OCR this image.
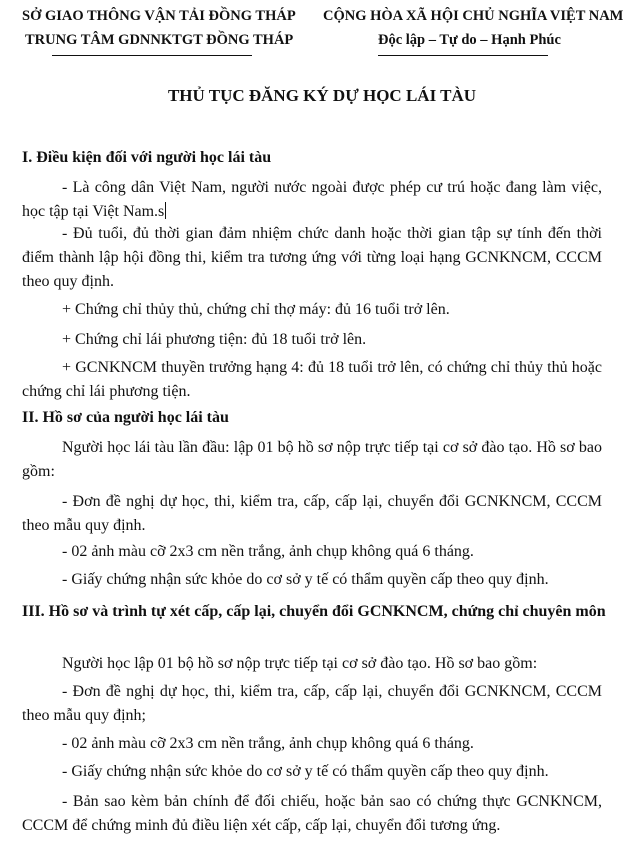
SỞ GIAO THÔNG VẬN TẢI ĐỒNG THÁP
TRUNG TÂM GDNNKTGT ĐỒNG THÁP
CỘNG HÒA XÃ HỘI CHỦ NGHĨA VIỆT NAM
Độc lập – Tự do – Hạnh Phúc
THỦ TỤC ĐĂNG KÝ DỰ HỌC LÁI TÀU
I. Điều kiện đối với người học lái tàu
- Là công dân Việt Nam, người nước ngoài được phép cư trú hoặc đang làm việc, học tập tại Việt Nam.s
- Đủ tuổi, đủ thời gian đảm nhiệm chức danh hoặc thời gian tập sự tính đến thời điểm thành lập hội đồng thi, kiểm tra tương ứng với từng loại hạng GCNKNCM, CCCM theo quy định.
+ Chứng chỉ thủy thủ, chứng chỉ thợ máy: đủ 16 tuổi trở lên.
+ Chứng chỉ lái phương tiện: đủ 18 tuổi trở lên.
+ GCNKNCM thuyền trưởng hạng 4: đủ 18 tuổi trở lên, có chứng chỉ thủy thủ hoặc chứng chỉ lái phương tiện.
II. Hồ sơ của người học lái tàu
Người học lái tàu lần đầu: lập 01 bộ hồ sơ nộp trực tiếp tại cơ sở đào tạo. Hồ sơ bao gồm:
- Đơn đề nghị dự học, thi, kiểm tra, cấp, cấp lại, chuyển đổi GCNKNCM, CCCM theo mẫu quy định.
- 02 ảnh màu cỡ 2x3 cm nền trắng, ảnh chụp không quá 6 tháng.
- Giấy chứng nhận sức khỏe do cơ sở y tế có thẩm quyền cấp theo quy định.
III. Hồ sơ và trình tự xét cấp, cấp lại, chuyển đổi GCNKNCM, chứng chỉ chuyên môn
Người học lập 01 bộ hồ sơ nộp trực tiếp tại cơ sở đào tạo. Hồ sơ bao gồm:
- Đơn đề nghị dự học, thi, kiểm tra, cấp, cấp lại, chuyển đổi GCNKNCM, CCCM theo mẫu quy định;
- 02 ảnh màu cỡ 2x3 cm nền trắng, ảnh chụp không quá 6 tháng.
- Giấy chứng nhận sức khỏe do cơ sở y tế có thẩm quyền cấp theo quy định.
- Bản sao kèm bản chính để đối chiếu, hoặc bản sao có chứng thực GCNKNCM, CCCM để chứng minh đủ điều liện xét cấp, cấp lại, chuyển đổi tương ứng.
